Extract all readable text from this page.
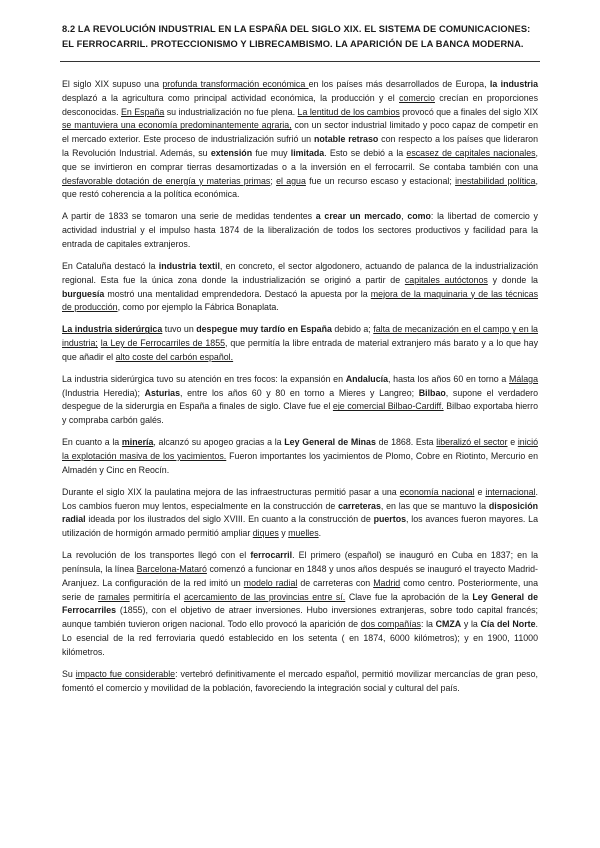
8.2 LA REVOLUCIÓN INDUSTRIAL EN LA ESPAÑA DEL SIGLO XIX. EL SISTEMA DE COMUNICACIONES: EL FERROCARRIL. PROTECCIONISMO Y LIBRECAMBISMO. LA APARICIÓN DE LA BANCA MODERNA.

El siglo XIX supuso una profunda transformación económica en los países más desarrollados de Europa, la industria desplazó a la agricultura como principal actividad económica, la producción y el comercio crecían en proporciones desconocidas. En España su industrialización no fue plena. La lentitud de los cambios provocó que a finales del siglo XIX se mantuviera una economía predominantemente agraria, con un sector industrial limitado y poco capaz de competir en el mercado exterior. Este proceso de industrialización sufrió un notable retraso con respecto a los países que lideraron la Revolución Industrial. Además, su extensión fue muy limitada. Esto se debió a la escasez de capitales nacionales, que se invirtieron en comprar tierras desamortizadas o a la inversión en el ferrocarril. Se contaba también con una desfavorable dotación de energía y materias primas; el agua fue un recurso escaso y estacional; inestabilidad política, que restó coherencia a la política económica.

A partir de 1833 se tomaron una serie de medidas tendentes a crear un mercado, como: la libertad de comercio y actividad industrial y el impulso hasta 1874 de la liberalización de todos los sectores productivos y facilidad para la entrada de capitales extranjeros.

En Cataluña destacó la industria textil, en concreto, el sector algodonero, actuando de palanca de la industrialización regional. Esta fue la única zona donde la industrialización se originó a partir de capitales autóctonos y donde la burguesía mostró una mentalidad emprendedora. Destacó la apuesta por la mejora de la maquinaria y de las técnicas de producción, como por ejemplo la Fábrica Bonaplata.

La industria siderúrgica tuvo un despegue muy tardío en España debido a; falta de mecanización en el campo y en la industria; la Ley de Ferrocarriles de 1855, que permitía la libre entrada de material extranjero más barato y a lo que hay que añadir el alto coste del carbón español.

La industria siderúrgica tuvo su atención en tres focos: la expansión en Andalucía, hasta los años 60 en torno a Málaga (Industria Heredia); Asturias, entre los años 60 y 80 en torno a Mieres y Langreo; Bilbao, supone el verdadero despegue de la siderurgia en España a finales de siglo. Clave fue el eje comercial Bilbao-Cardiff. Bilbao exportaba hierro y compraba carbón galés.

En cuanto a la minería, alcanzó su apogeo gracias a la Ley General de Minas de 1868. Esta liberalizó el sector e inició la explotación masiva de los yacimientos. Fueron importantes los yacimientos de Plomo, Cobre en Riotinto, Mercurio en Almadén y Cinc en Reocín.

Durante el siglo XIX la paulatina mejora de las infraestructuras permitió pasar a una economía nacional e internacional. Los cambios fueron muy lentos, especialmente en la construcción de carreteras, en las que se mantuvo la disposición radial ideada por los ilustrados del siglo XVIII. En cuanto a la construcción de puertos, los avances fueron mayores. La utilización de hormigón armado permitió ampliar diques y muelles.

La revolución de los transportes llegó con el ferrocarril. El primero (español) se inauguró en Cuba en 1837; en la península, la línea Barcelona-Mataró comenzó a funcionar en 1848 y unos años después se inauguró el trayecto Madrid-Aranjuez. La configuración de la red imitó un modelo radial de carreteras con Madrid como centro. Posteriormente, una serie de ramales permitiría el acercamiento de las provincias entre sí. Clave fue la aprobación de la Ley General de Ferrocarriles (1855), con el objetivo de atraer inversiones. Hubo inversiones extranjeras, sobre todo capital francés; aunque también tuvieron origen nacional. Todo ello provocó la aparición de dos compañías: la CMZA y la Cía del Norte. Lo esencial de la red ferroviaria quedó establecido en los setenta ( en 1874, 6000 kilómetros); y en 1900, 11000 kilómetros.

Su impacto fue considerable: vertebró definitivamente el mercado español, permitió movilizar mercancías de gran peso, fomentó el comercio y movilidad de la población, favoreciendo la integración social y cultural del país.
